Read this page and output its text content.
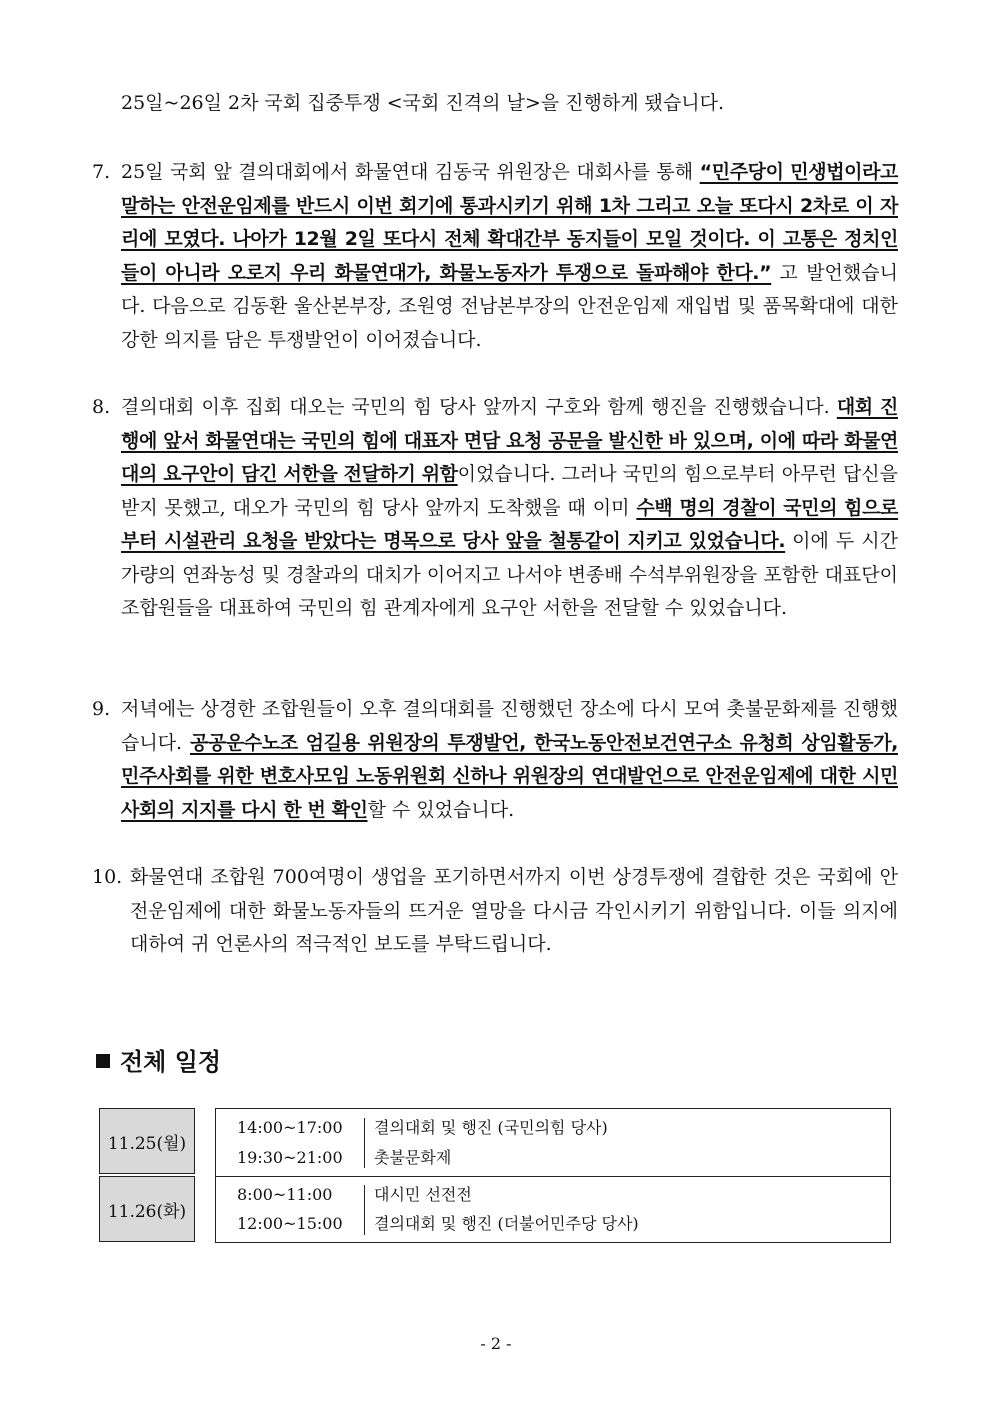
25일~26일 2차 국회 집중투쟁 <국회 진격의 날>을 진행하게 됐습니다.
7. 25일 국회 앞 결의대회에서 화물연대 김동국 위원장은 대회사를 통해 “민주당이 민생법이라고 말하는 안전운임제를 반드시 이번 회기에 통과시키기 위해 1차 그리고 오늘 또다시 2차로 이 자리에 모였다. 나아가 12월 2일 또다시 전체 확대간부 동지들이 모일 것이다. 이 고통은 정치인들이 아니라 오로지 우리 화물연대가, 화물노동자가 투쟁으로 돌파해야 한다.” 고 발언했습니다. 다음으로 김동환 울산본부장, 조원영 전남본부장의 안전운임제 재입법 및 품목확대에 대한 강한 의지를 담은 투쟁발언이 이어졌습니다.
8. 결의대회 이후 집회 대오는 국민의 힘 당사 앞까지 구호와 함께 행진을 진행했습니다. 대회 진행에 앞서 화물연대는 국민의 힘에 대표자 면담 요청 공문을 발신한 바 있으며, 이에 따라 화물연대의 요구안이 담긴 서한을 전달하기 위함이었습니다. 그러나 국민의 힘으로부터 아무런 답신을 받지 못했고, 대오가 국민의 힘 당사 앞까지 도착했을 때 이미 수백 명의 경찰이 국민의 힘으로부터 시설관리 요청을 받았다는 명목으로 당사 앞을 철통같이 지키고 있었습니다. 이에 두 시간 가량의 연좌농성 및 경찰과의 대치가 이어지고 나서야 변종배 수석부위원장을 포함한 대표단이 조합원들을 대표하여 국민의 힘 관계자에게 요구안 서한을 전달할 수 있었습니다.
9. 저녁에는 상경한 조합원들이 오후 결의대회를 진행했던 장소에 다시 모여 촛불문화제를 진행했습니다. 공공운수노조 엄길용 위원장의 투쟁발언, 한국노동안전보건연구소 유청희 상임활동가, 민주사회를 위한 변호사모임 노동위원회 신하나 위원장의 연대발언으로 안전운임제에 대한 시민사회의 지지를 다시 한 번 확인할 수 있었습니다.
10. 화물연대 조합원 700여명이 생업을 포기하면서까지 이번 상경투쟁에 결합한 것은 국회에 안전운임제에 대한 화물노동자들의 뜨거운 열망을 다시금 각인시키기 위함입니다. 이들 의지에 대하여 귀 언론사의 적극적인 보도를 부탁드립니다.
전체 일정
11.25(월)
11.26(화)
14:00~17:00 결의대회 및 행진 (국민의힘 당사)
19:30~21:00 촛불문화제
8:00~11:00	대시민 선전전
12:00~15:00 결의대회 및 행진 (더불어민주당 당사)
- 2 -
